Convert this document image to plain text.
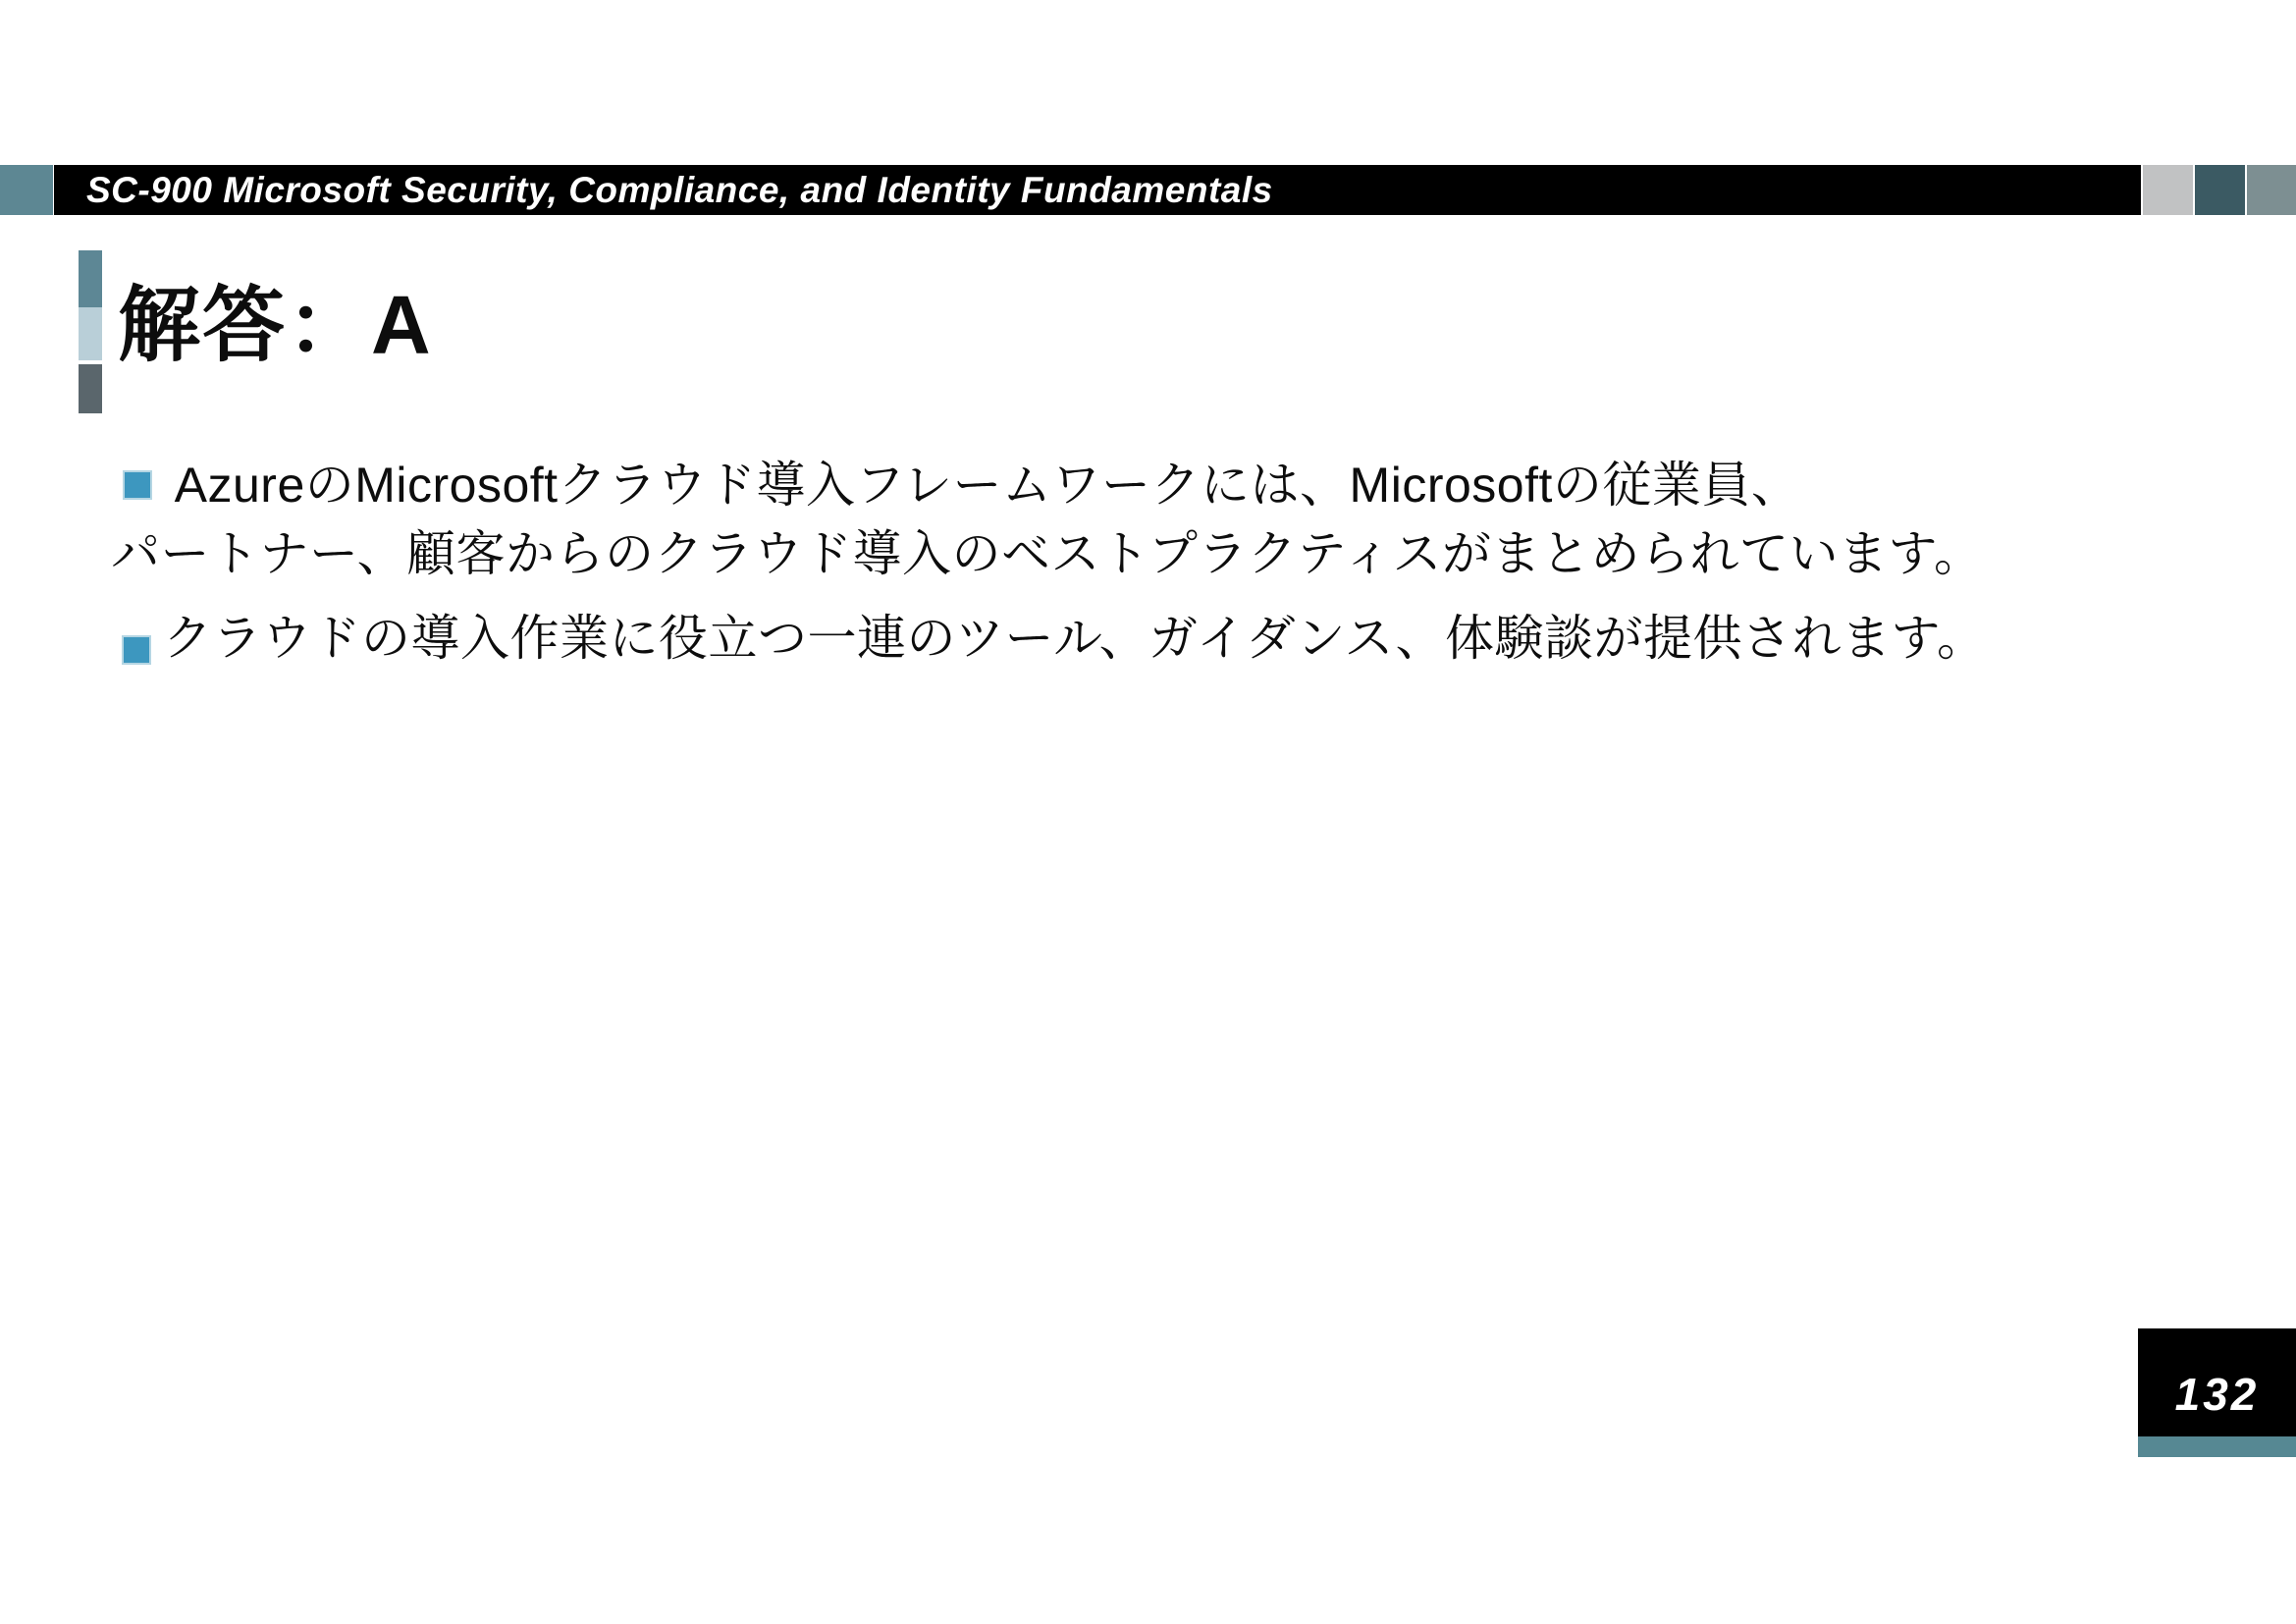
SC-900 Microsoft Security, Compliance, and Identity Fundamentals
解答：A
AzureのMicrosoftクラウド導入フレームワークには、Microsoftの従業員、
パートナー、顧客からのクラウド導入のベストプラクティスがまとめられています。
クラウドの導入作業に役立つ一連のツール、ガイダンス、体験談が提供されます。
132
